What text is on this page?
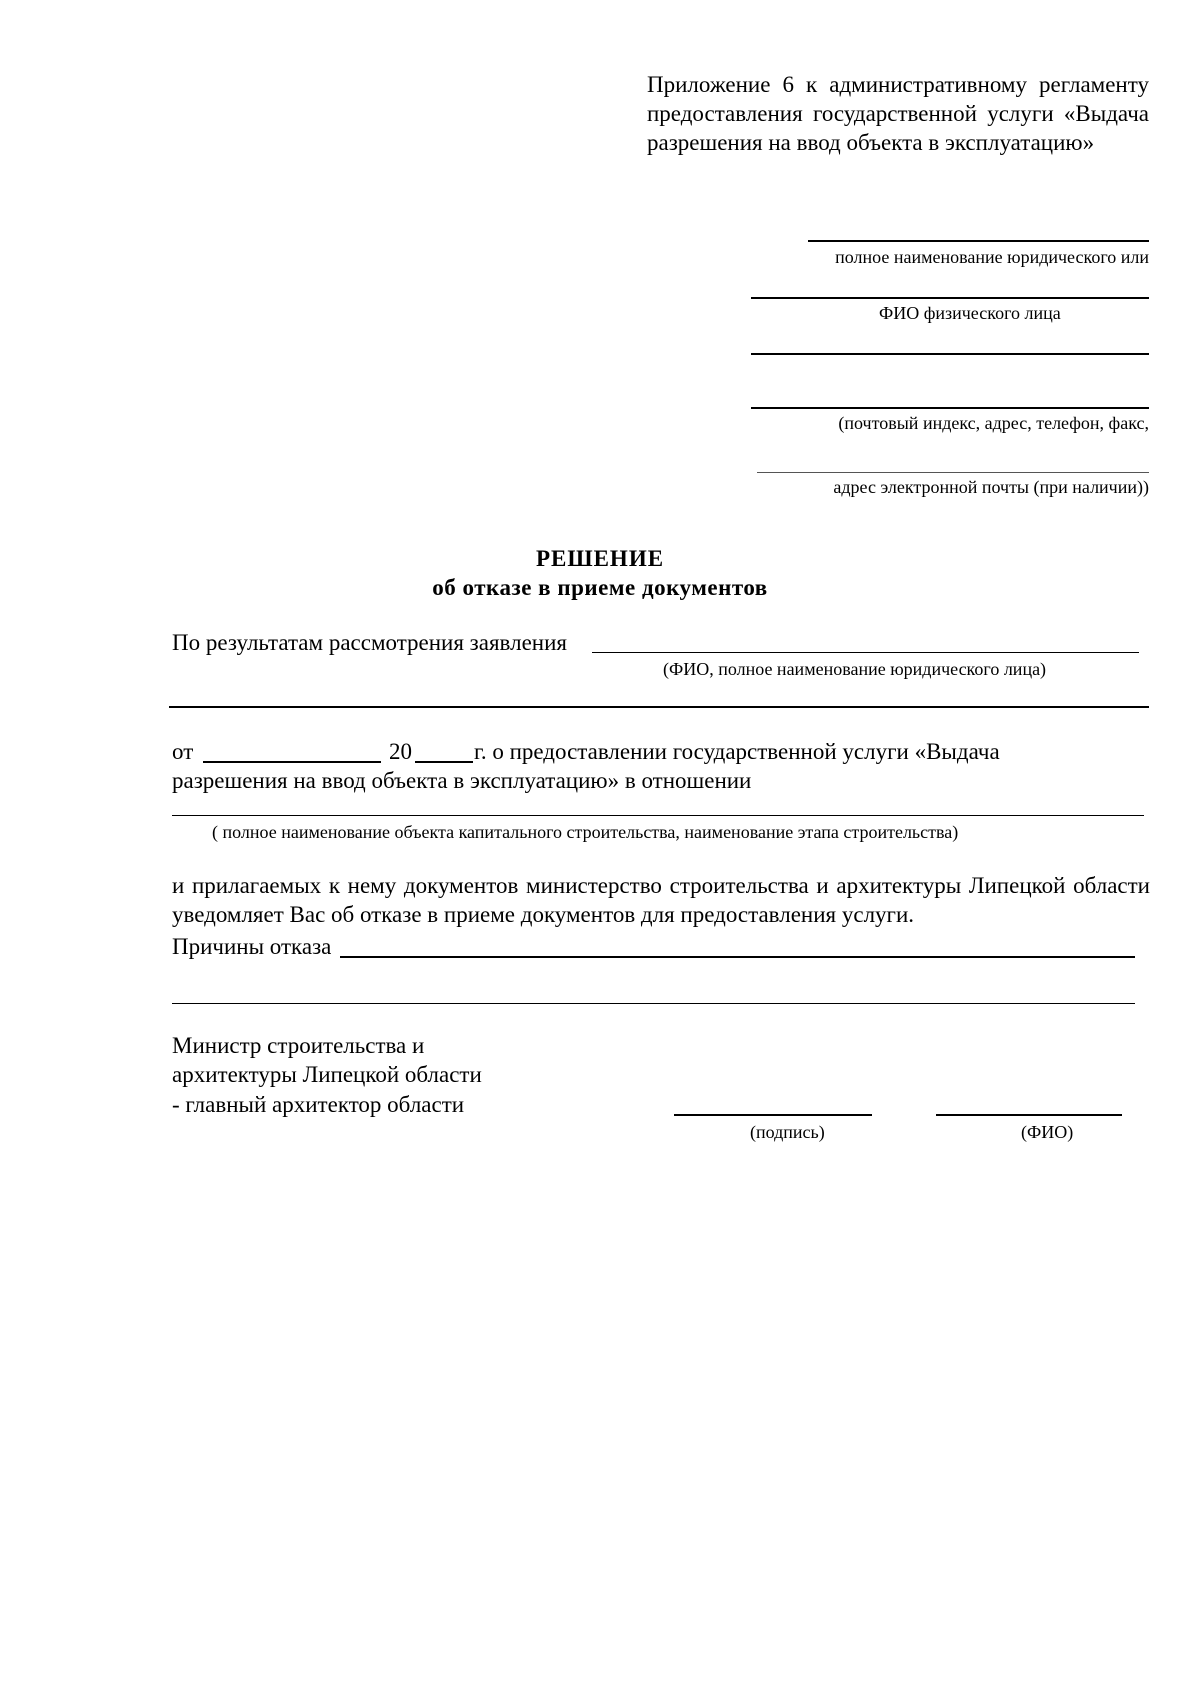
Приложение 6 к административному регламенту предоставления государственной услуги «Выдача разрешения на ввод объекта в эксплуатацию»
полное наименование юридического или
ФИО физического лица
(почтовый индекс, адрес, телефон, факс,
адрес электронной почты (при наличии))
РЕШЕНИЕ
об отказе в приеме документов
По результатам рассмотрения заявления
(ФИО, полное наименование юридического лица)
от	20	г. о предоставлении государственной услуги «Выдача
разрешения на ввод объекта в эксплуатацию» в отношении
( полное наименование объекта капитального строительства, наименование этапа строительства)
и прилагаемых к нему документов министерство строительства и архитектуры Липецкой области уведомляет Вас об отказе в приеме документов для предоставления услуги.
Причины отказа
Министр строительства и
архитектуры Липецкой области
- главный архитектор области
(подпись)	(ФИО)
